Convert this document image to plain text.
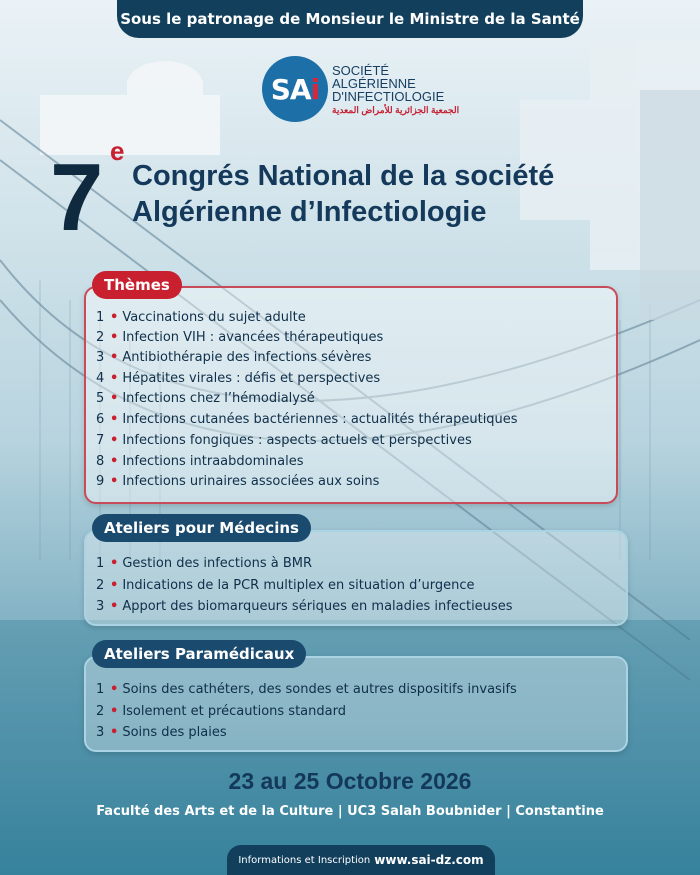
Sous le patronage de Monsieur le Ministre de la Santé
SA i
SOCIÉTÉ
ALGÉRIENNE
D'INFECTIOLOGIE
الجمعية الجزائرية للأمراض المعدية
7 e
Congrés National de la société
Algérienne d’Infectiologie
1 • Vaccinations du sujet adulte
2 • Infection VIH : avancées thérapeutiques
3 • Antibiothérapie des infections sévères
4 • Hépatites virales : défis et perspectives
5 • Infections chez l’hémodialysé
6 • Infections cutanées bactériennes : actualités thérapeutiques
7 • Infections fongiques : aspects actuels et perspectives
8 • Infections intraabdominales
9 • Infections urinaires associées aux soins
Thèmes
1 • Gestion des infections à BMR
2 • Indications de la PCR multiplex en situation d’urgence
3 • Apport des biomarqueurs sériques en maladies infectieuses
Ateliers pour Médecins
1 • Soins des cathéters, des sondes et autres dispositifs invasifs
2 • Isolement et précautions standard
3 • Soins des plaies
Ateliers Paramédicaux
23 au 25 Octobre 2026
Faculté des Arts et de la Culture | UC3 Salah Boubnider | Constantine
Informations et Inscription www.sai-dz.com
